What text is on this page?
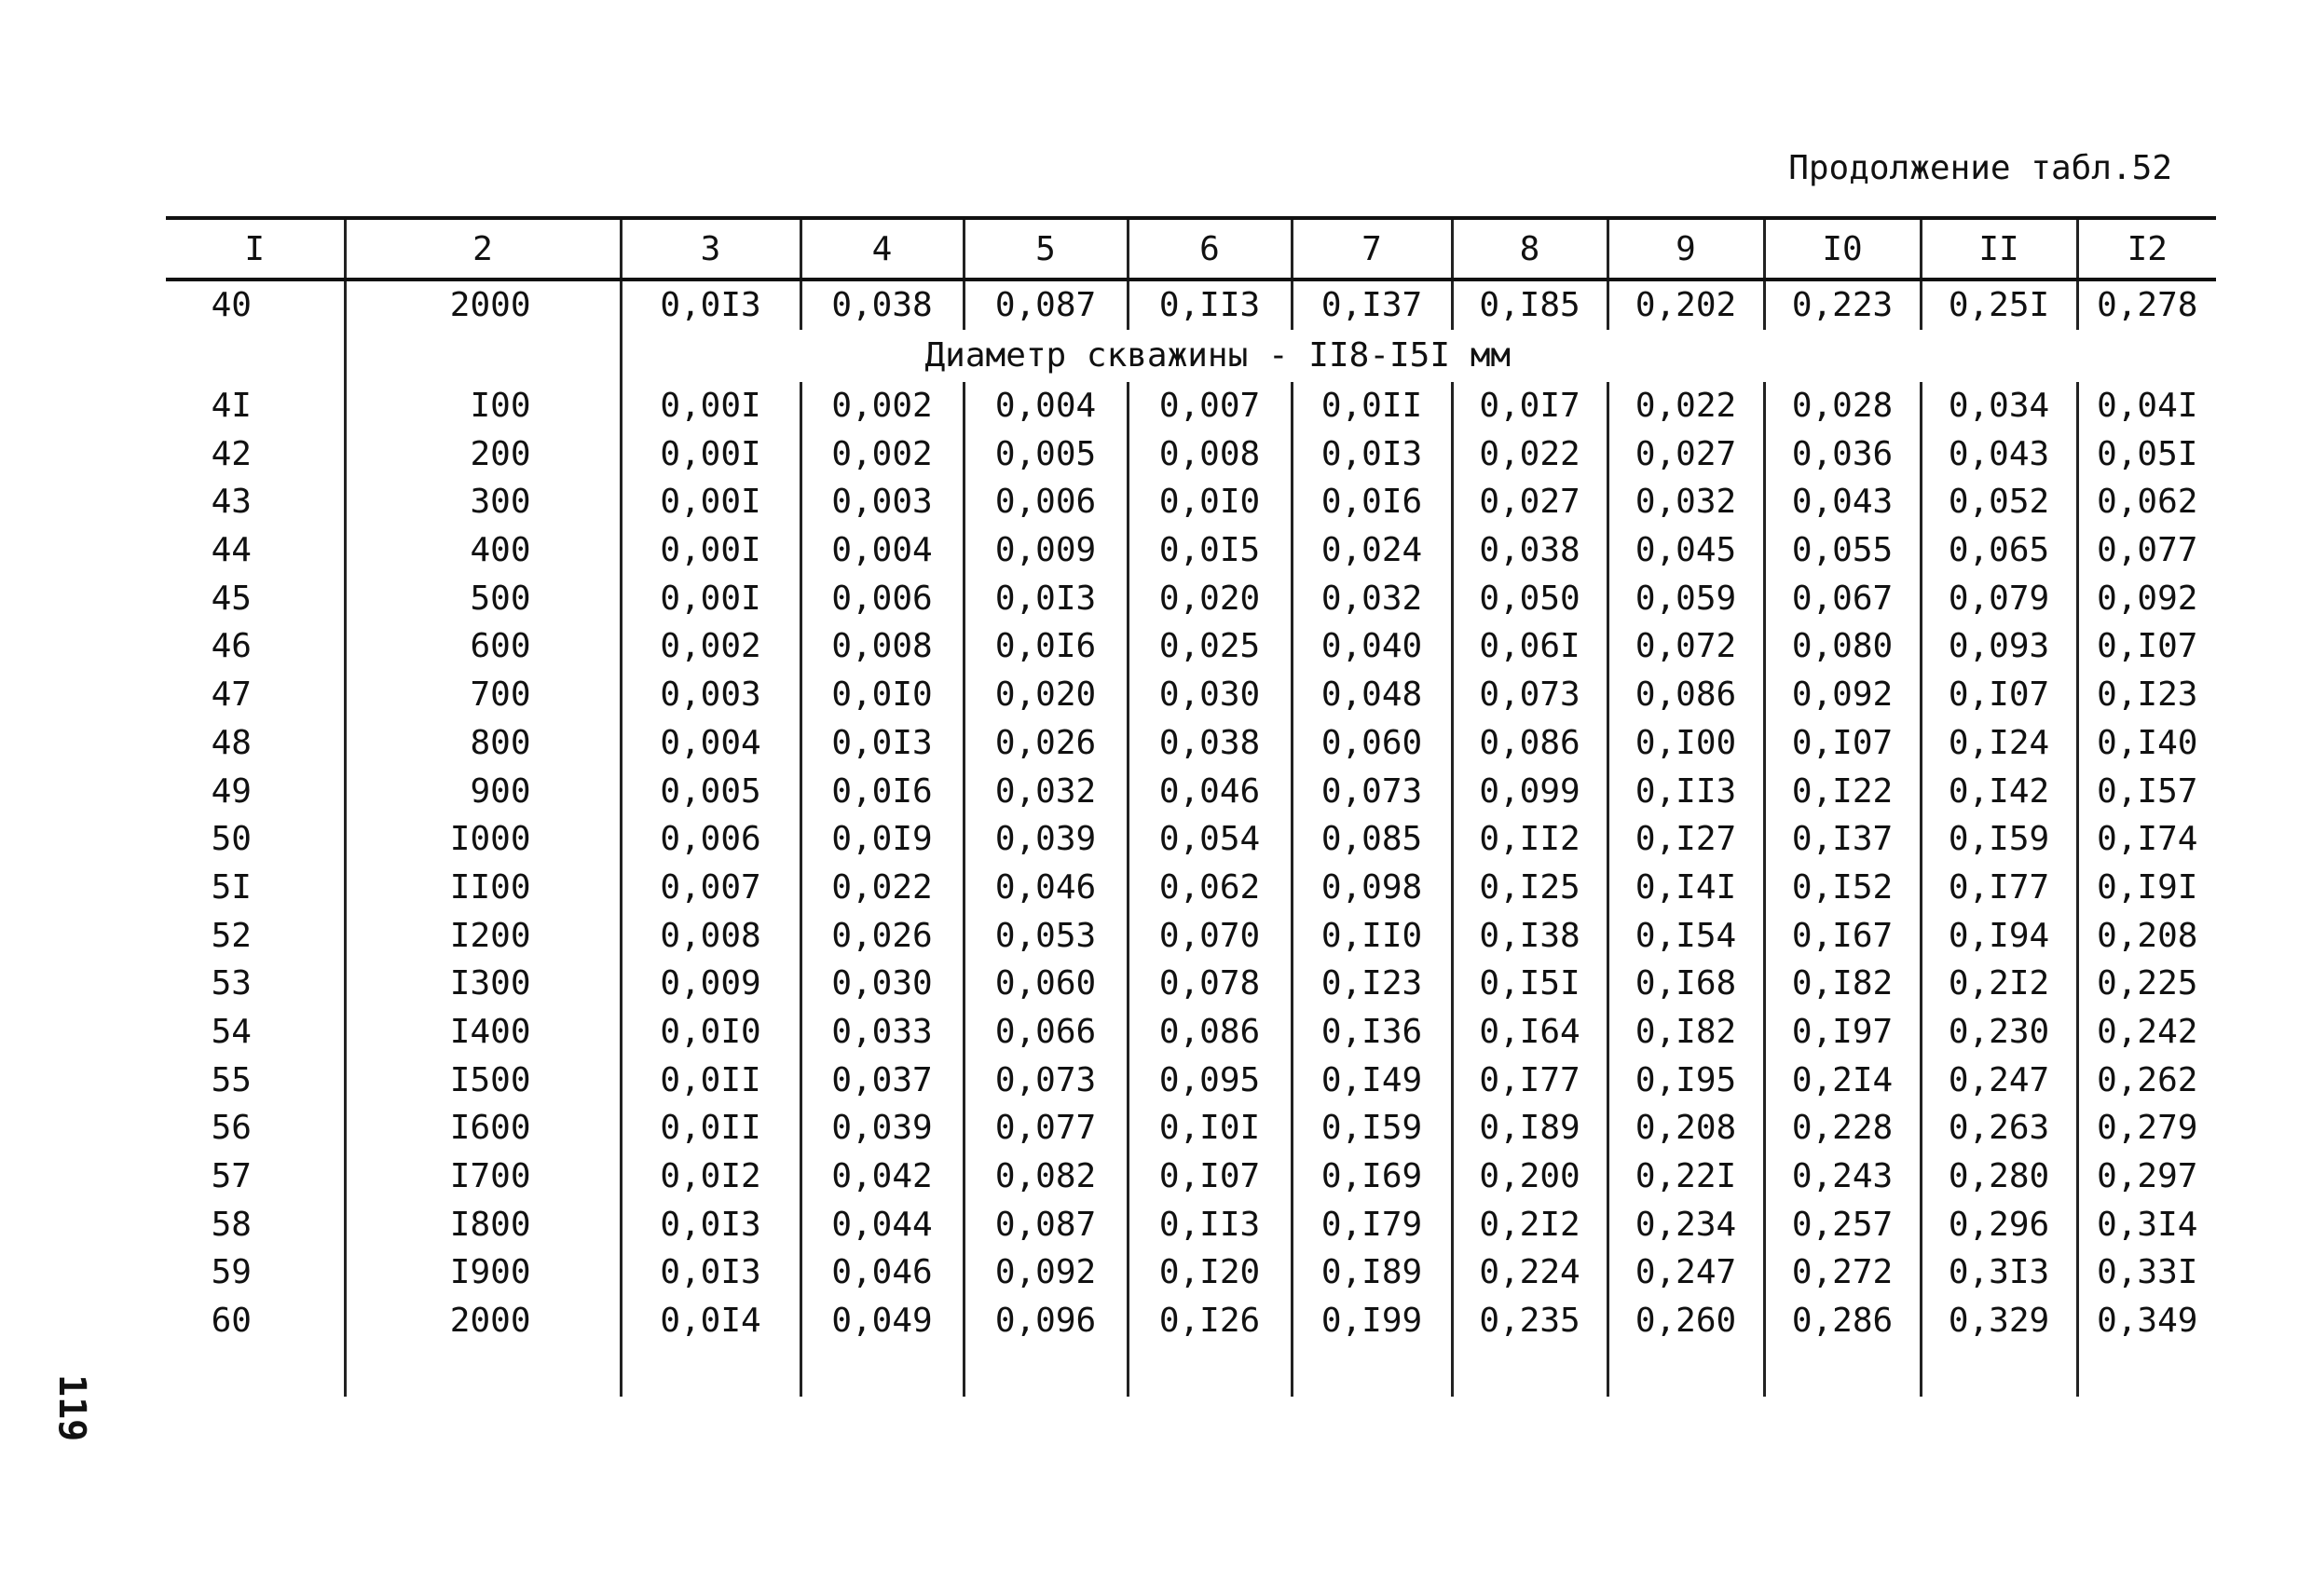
Продолжение табл.52
119
I	2	3	4	5	6	7	8	9	I0	II	I2
40	2000	0,0I3	0,038	0,087	0,II3	0,I37	0,I85	0,202	0,223	0,25I	0,278
		Диаметр скважины - II8-I5I мм									
4I	I00	0,00I	0,002	0,004	0,007	0,0II	0,0I7	0,022	0,028	0,034	0,04I
42	200	0,00I	0,002	0,005	0,008	0,0I3	0,022	0,027	0,036	0,043	0,05I
43	300	0,00I	0,003	0,006	0,0I0	0,0I6	0,027	0,032	0,043	0,052	0,062
44	400	0,00I	0,004	0,009	0,0I5	0,024	0,038	0,045	0,055	0,065	0,077
45	500	0,00I	0,006	0,0I3	0,020	0,032	0,050	0,059	0,067	0,079	0,092
46	600	0,002	0,008	0,0I6	0,025	0,040	0,06I	0,072	0,080	0,093	0,I07
47	700	0,003	0,0I0	0,020	0,030	0,048	0,073	0,086	0,092	0,I07	0,I23
48	800	0,004	0,0I3	0,026	0,038	0,060	0,086	0,I00	0,I07	0,I24	0,I40
49	900	0,005	0,0I6	0,032	0,046	0,073	0,099	0,II3	0,I22	0,I42	0,I57
50	I000	0,006	0,0I9	0,039	0,054	0,085	0,II2	0,I27	0,I37	0,I59	0,I74
5I	II00	0,007	0,022	0,046	0,062	0,098	0,I25	0,I4I	0,I52	0,I77	0,I9I
52	I200	0,008	0,026	0,053	0,070	0,II0	0,I38	0,I54	0,I67	0,I94	0,208
53	I300	0,009	0,030	0,060	0,078	0,I23	0,I5I	0,I68	0,I82	0,2I2	0,225
54	I400	0,0I0	0,033	0,066	0,086	0,I36	0,I64	0,I82	0,I97	0,230	0,242
55	I500	0,0II	0,037	0,073	0,095	0,I49	0,I77	0,I95	0,2I4	0,247	0,262
56	I600	0,0II	0,039	0,077	0,I0I	0,I59	0,I89	0,208	0,228	0,263	0,279
57	I700	0,0I2	0,042	0,082	0,I07	0,I69	0,200	0,22I	0,243	0,280	0,297
58	I800	0,0I3	0,044	0,087	0,II3	0,I79	0,2I2	0,234	0,257	0,296	0,3I4
59	I900	0,0I3	0,046	0,092	0,I20	0,I89	0,224	0,247	0,272	0,3I3	0,33I
60	2000	0,0I4	0,049	0,096	0,I26	0,I99	0,235	0,260	0,286	0,329	0,349
